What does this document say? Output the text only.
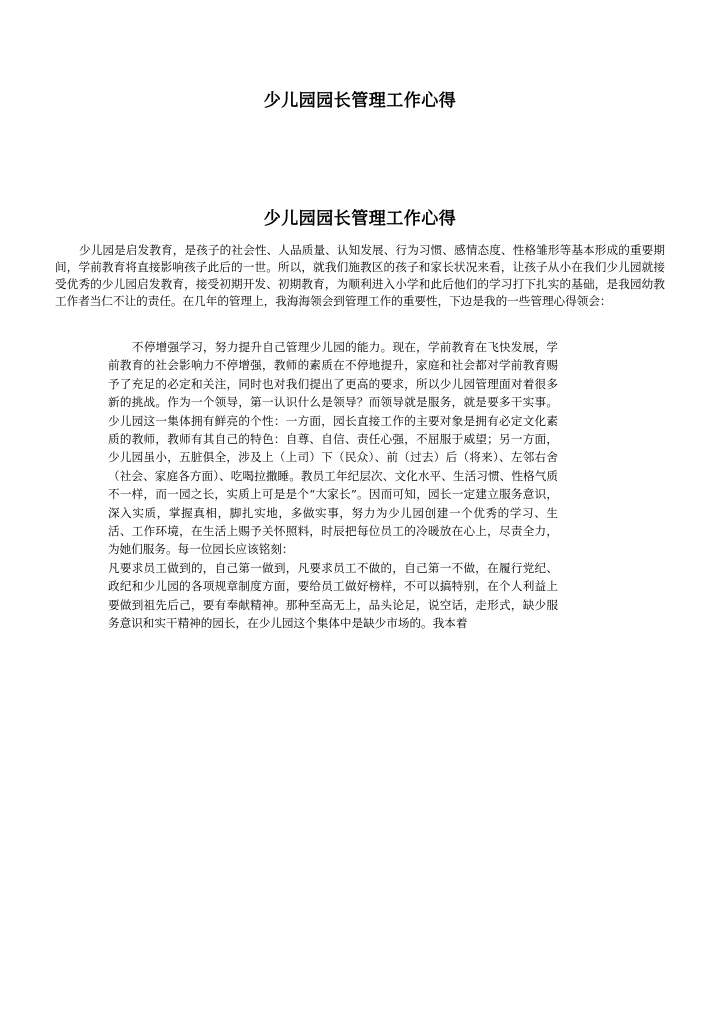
少儿园园长管理工作心得
少儿园园长管理工作心得

少儿园是启发教育，是孩子的社会性、人品质量、认知发展、行为习惯、感情态度、性格雏形等基本形成的重要期间，学前教育将直接影响孩子此后的一世。所以，就我们施教区的孩子和家长状况来看，让孩子从小在我们少儿园就接受优秀的少儿园启发教育，接受初期开发、初期教育，为顺利进入小学和此后他们的学习打下扎实的基础，是我园幼教工作者当仁不让的责任。在几年的管理上，我海海领会到管理工作的重要性，下边是我的一些管理心得领会：

不停增强学习，努力提升自己管理少儿园的能力。现在，学前教育在飞快发展，学前教育的社会影响力不停增强，教师的素质在不停地提升，家庭和社会都对学前教育赐予了充足的必定和关注，同时也对我们提出了更高的要求，所以少儿园管理面对着很多新的挑战。作为一个领导，第一认识什么是领导？而领导就是服务，就是要多干实事。少儿园这一集体拥有鲜亮的个性：一方面，园长直接工作的主要对象是拥有必定文化素质的教师，教师有其自己的特色：自尊、自信、责任心强，不屈服于威望；另一方面，少儿园虽小，五脏俱全，涉及上（上司）下（民众）、前（过去）后（将来）、左邻右舍（社会、家庭各方面）、吃喝拉撒睡。教员工年纪层次、文化水平、生活习惯、性格气质不一样，而一园之长，实质上可是是个“大家长”。因而可知，园长一定建立服务意识，深入实质，掌握真相，脚扎实地，多做实事，努力为少儿园创建一个优秀的学习、生活、工作环境，在生活上赐予关怀照料，时辰把每位员工的冷暖放在心上，尽责全力，为她们服务。每一位园长应该铭刻：

凡要求员工做到的，自己第一做到，凡要求员工不做的，自己第一不做，在履行党纪、政纪和少儿园的各项规章制度方面，要给员工做好榜样，不可以搞特别，在个人利益上要做到祖先后己，要有奉献精神。那种至高无上，品头论足，说空话，走形式，缺少服务意识和实干精神的园长，在少儿园这个集体中是缺少市场的。我本着
